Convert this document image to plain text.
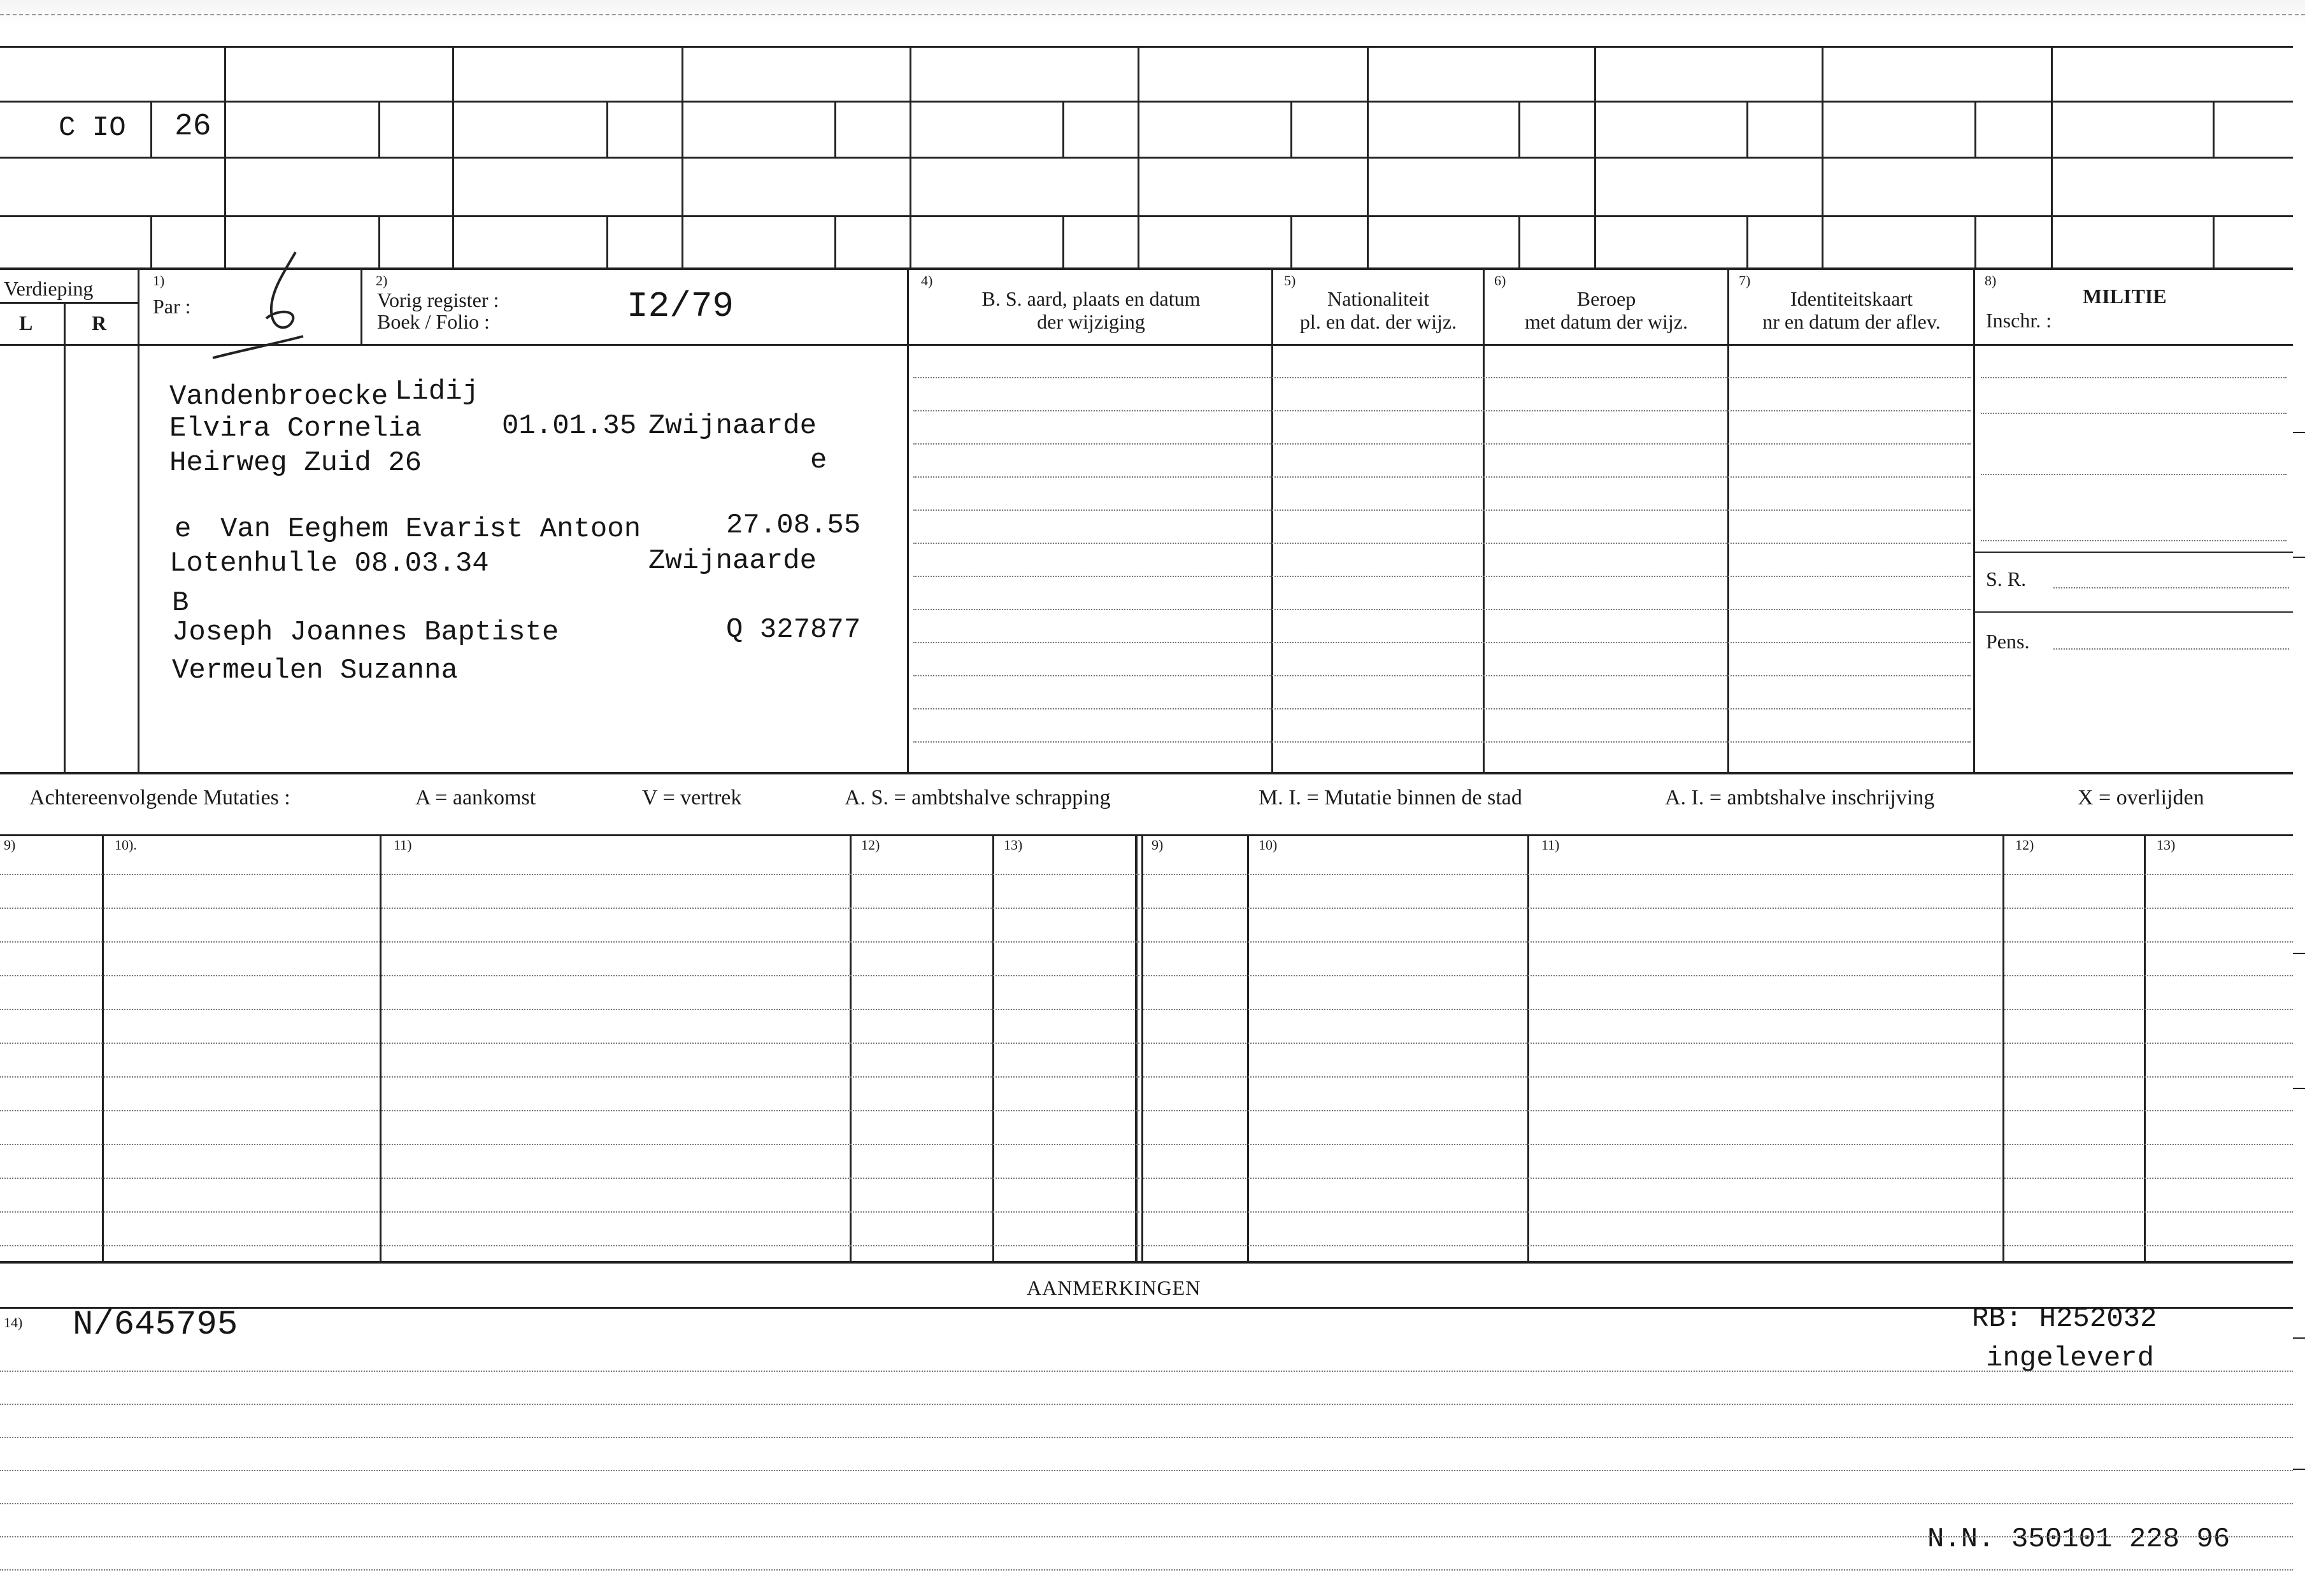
C IO 26
Verdieping
L	R
1)
Par :
2)
Vorig register :
Boek / Folio :	I2/79
4)
B. S. aard, plaats en datum
der wijziging
5)
Nationaliteit
pl. en dat. der wijz.
6)
Beroep
met datum der wijz.
7)
Identiteitskaart
nr en datum der aflev.
8)
MILITIE
Inschr. :
S. R.
Pens.
Vandenbroecke Lidij
Elvira Cornelia	01.01.35 Zwijnaarde
Heirweg Zuid 26	e
e Van Eeghem Evarist Antoon	27.08.55
Lotenhulle 08.03.34	Zwijnaarde
B
Joseph Joannes Baptiste	Q 327877
Vermeulen Suzanna
Achtereenvolgende Mutaties :	A = aankomst	V = vertrek	A. S. = ambtshalve schrapping	M. I. = Mutatie binnen de stad	A. I. = ambtshalve inschrijving	X = overlijden
9)	10).	11)	12)	13)	9)	10)	11)	12)	13)
AANMERKINGEN
14) N/645795	RB: H252032
ingeleverd
N.N. 350101 228 96
